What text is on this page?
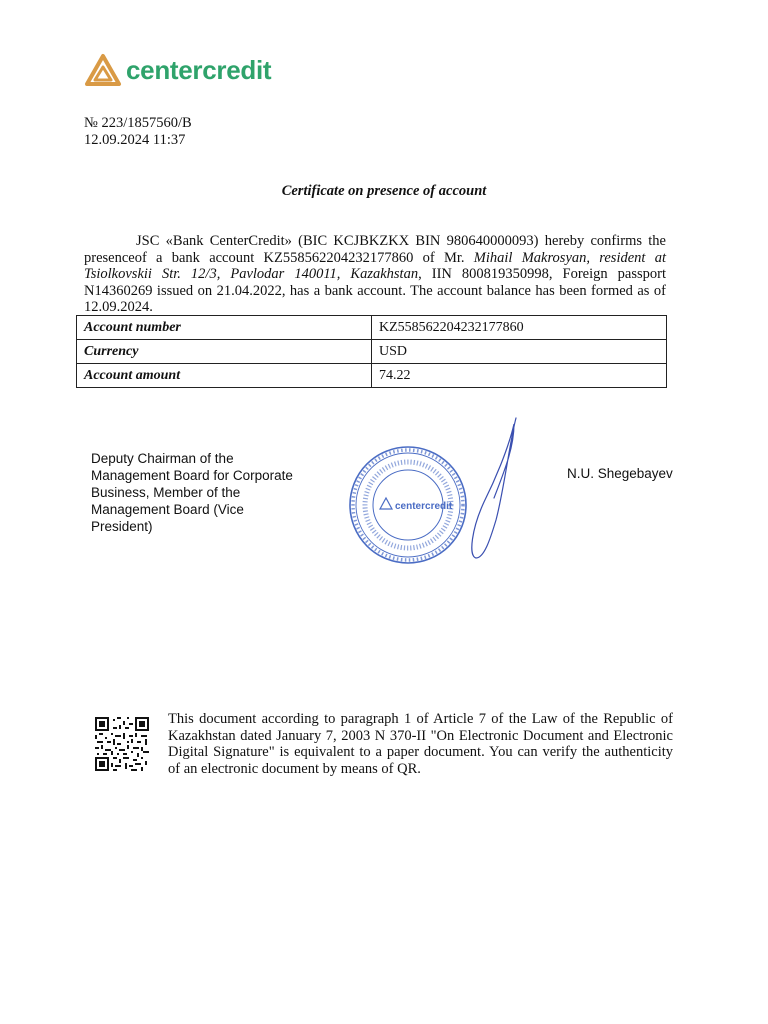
centercredit
№ 223/1857560/B
12.09.2024 11:37
Certificate on presence of account
JSC «Bank CenterCredit» (BIC KCJBKZKX BIN 980640000093) hereby confirms the presenceof a bank account KZ558562204232177860 of Mr. Mihail Makrosyan, resident at Tsiolkovskii Str. 12/3, Pavlodar 140011, Kazakhstan, IIN 800819350998, Foreign passport N14360269 issued on 21.04.2022, has a bank account. The account balance has been formed as of 12.09.2024.
Account number	KZ558562204232177860
Currency	USD
Account amount	74.22
Deputy Chairman of the Management Board for Corporate Business, Member of the Management Board (Vice President)
centercredit
N.U. Shegebayev
This document according to paragraph 1 of Article 7 of the Law of the Republic of Kazakhstan dated January 7, 2003 N 370-II "On Electronic Document and Electronic Digital Signature" is equivalent to a paper document. You can verify the authenticity of an electronic document by means of QR.
